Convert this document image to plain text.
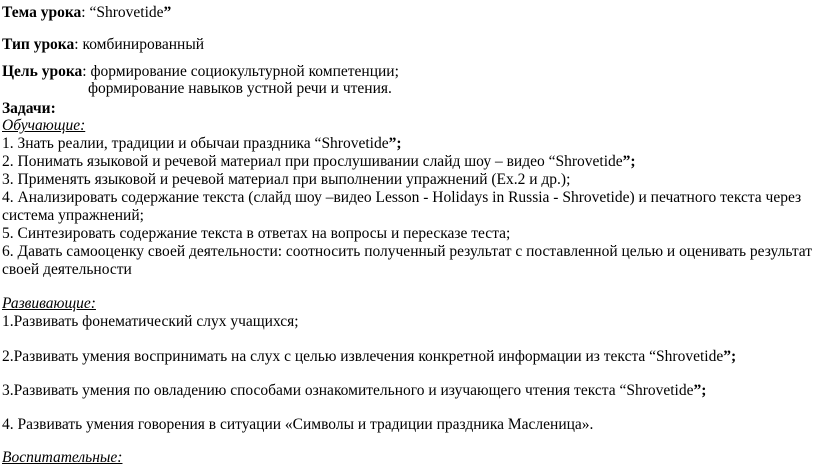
Тема урока: “Shrovetide”
Тип урока: комбинированный
Цель урока: формирование социокультурной компетенции;
формирование навыков устной речи и чтения.
Задачи:
Обучающие:
1. Знать реалии, традиции и обычаи праздника “Shrovetide”;
2. Понимать языковой и речевой материал при прослушивании слайд шоу – видео “Shrovetide”;
3. Применять языковой и речевой материал при выполнении упражнений (Ex.2 и др.);
4. Анализировать содержание текста (слайд шоу –видео Lesson - Holidays in Russia - Shrovetide) и печатного текста через
система упражнений;
5. Синтезировать содержание текста в ответах на вопросы и пересказе теста;
6. Давать самооценку своей деятельности: соотносить полученный результат с поставленной целью и оценивать результат
своей деятельности
Развивающие:
1.Развивать фонематический слух учащихся;
2.Развивать умения воспринимать на слух с целью извлечения конкретной информации из текста “Shrovetide”;
3.Развивать умения по овладению способами ознакомительного и изучающего чтения текста “Shrovetide”;
4. Развивать умения говорения в ситуации «Символы и традиции праздника Масленица».
Воспитательные:
